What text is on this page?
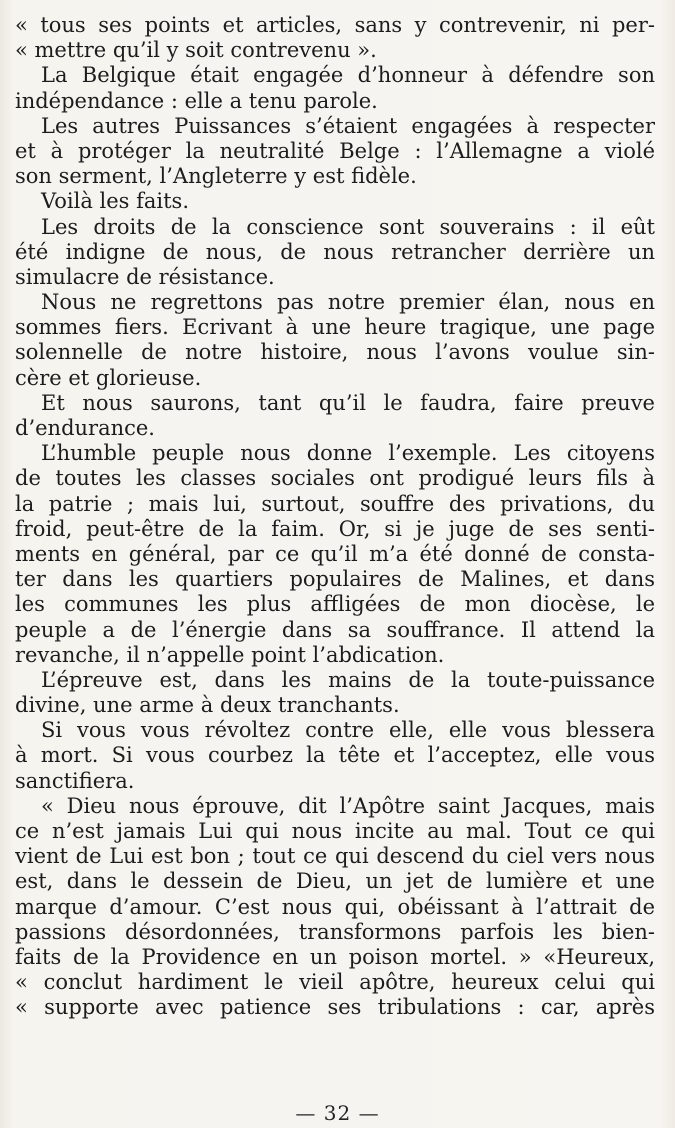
« tous ses points et articles, sans y contrevenir, ni per-
« mettre qu’il y soit contrevenu ».
La Belgique était engagée d’honneur à défendre son
indépendance : elle a tenu parole.
Les autres Puissances s’étaient engagées à respecter
et à protéger la neutralité Belge : l’Allemagne a violé
son serment, l’Angleterre y est fidèle.
Voilà les faits.
Les droits de la conscience sont souverains : il eût
été indigne de nous, de nous retrancher derrière un
simulacre de résistance.
Nous ne regrettons pas notre premier élan, nous en
sommes fiers. Ecrivant à une heure tragique, une page
solennelle de notre histoire, nous l’avons voulue sin-
cère et glorieuse.
Et nous saurons, tant qu’il le faudra, faire preuve
d’endurance.
L’humble peuple nous donne l’exemple. Les citoyens
de toutes les classes sociales ont prodigué leurs fils à
la patrie ; mais lui, surtout, souffre des privations, du
froid, peut-être de la faim. Or, si je juge de ses senti-
ments en général, par ce qu’il m’a été donné de consta-
ter dans les quartiers populaires de Malines, et dans
les communes les plus affligées de mon diocèse, le
peuple a de l’énergie dans sa souffrance. Il attend la
revanche, il n’appelle point l’abdication.
L’épreuve est, dans les mains de la toute-puissance
divine, une arme à deux tranchants.
Si vous vous révoltez contre elle, elle vous blessera
à mort. Si vous courbez la tête et l’acceptez, elle vous
sanctifiera.
« Dieu nous éprouve, dit l’Apôtre saint Jacques, mais
ce n’est jamais Lui qui nous incite au mal. Tout ce qui
vient de Lui est bon ; tout ce qui descend du ciel vers nous
est, dans le dessein de Dieu, un jet de lumière et une
marque d’amour. C’est nous qui, obéissant à l’attrait de
passions désordonnées, transformons parfois les bien-
faits de la Providence en un poison mortel. » «Heureux,
« conclut hardiment le vieil apôtre, heureux celui qui
« supporte avec patience ses tribulations : car, après
— 32 —
